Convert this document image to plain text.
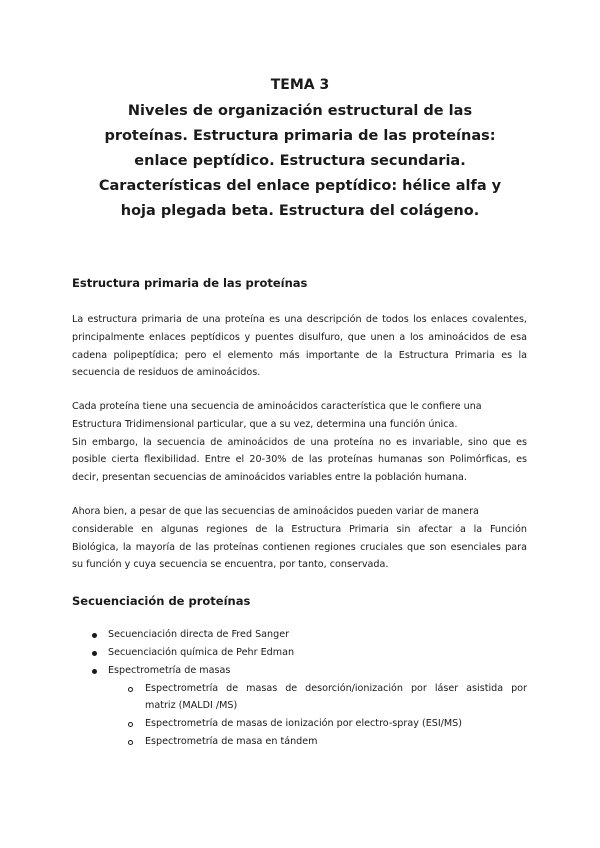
TEMA 3

Niveles de organización estructural de las

proteínas. Estructura primaria de las proteínas:

enlace peptídico. Estructura secundaria.

Características del enlace peptídico: hélice alfa y

hoja plegada beta. Estructura del colágeno.

Estructura primaria de las proteínas
La estructura primaria de una proteína es una descripción de todos los enlaces covalentes,
principalmente enlaces peptídicos y puentes disulfuro, que unen a los aminoácidos de esa
cadena polipeptídica; pero el elemento más importante de la Estructura Primaria es la
secuencia de residuos de aminoácidos.
Cada proteína tiene una secuencia de aminoácidos característica que le confiere una
Estructura Tridimensional particular, que a su vez, determina una función única.
Sin embargo, la secuencia de aminoácidos de una proteína no es invariable, sino que es
posible cierta flexibilidad. Entre el 20-30% de las proteínas humanas son Polimórficas, es
decir, presentan secuencias de aminoácidos variables entre la población humana.
Ahora bien, a pesar de que las secuencias de aminoácidos pueden variar de manera
considerable en algunas regiones de la Estructura Primaria sin afectar a la Función
Biológica, la mayoría de las proteínas contienen regiones cruciales que son esenciales para
su función y cuya secuencia se encuentra, por tanto, conservada.
Secuenciación de proteínas
Secuenciación directa de Fred Sanger
Secuenciación química de Pehr Edman
Espectrometría de masas
Espectrometría de masas de desorción/ionización por láser asistida por
matriz (MALDI /MS)
Espectrometría de masas de ionización por electro-spray (ESI/MS)
Espectrometría de masa en tándem
